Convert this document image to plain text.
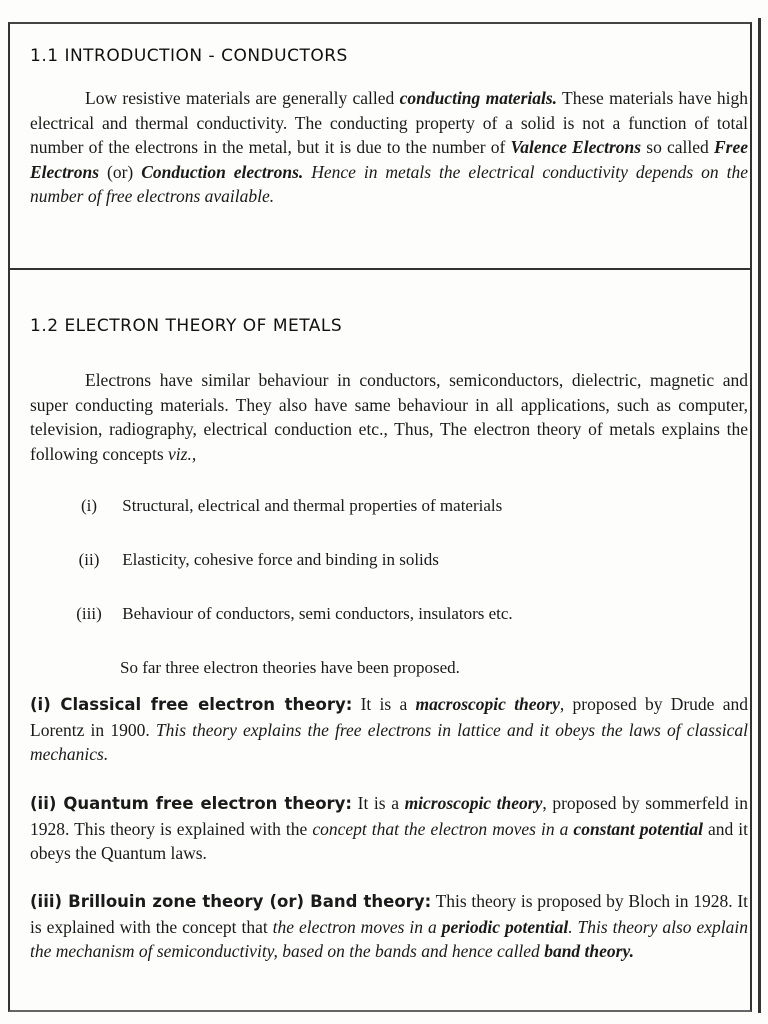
1.1 INTRODUCTION - CONDUCTORS
Low resistive materials are generally called conducting materials. These materials have high electrical and thermal conductivity. The conducting property of a solid is not a function of total number of the electrons in the metal, but it is due to the number of Valence Electrons so called Free Electrons (or) Conduction electrons. Hence in metals the electrical conductivity depends on the number of free electrons available.
1.2 ELECTRON THEORY OF METALS
Electrons have similar behaviour in conductors, semiconductors, dielectric, magnetic and super conducting materials. They also have same behaviour in all applications, such as computer, television, radiography, electrical conduction etc., Thus, The electron theory of metals explains the following concepts viz.,
(i) Structural, electrical and thermal properties of materials
(ii) Elasticity, cohesive force and binding in solids
(iii) Behaviour of conductors, semi conductors, insulators etc.
So far three electron theories have been proposed.
(i) Classical free electron theory: It is a macroscopic theory, proposed by Drude and Lorentz in 1900. This theory explains the free electrons in lattice and it obeys the laws of classical mechanics.
(ii) Quantum free electron theory: It is a microscopic theory, proposed by sommerfeld in 1928. This theory is explained with the concept that the electron moves in a constant potential and it obeys the Quantum laws.
(iii) Brillouin zone theory (or) Band theory: This theory is proposed by Bloch in 1928. It is explained with the concept that the electron moves in a periodic potential. This theory also explain the mechanism of semiconductivity, based on the bands and hence called band theory.
